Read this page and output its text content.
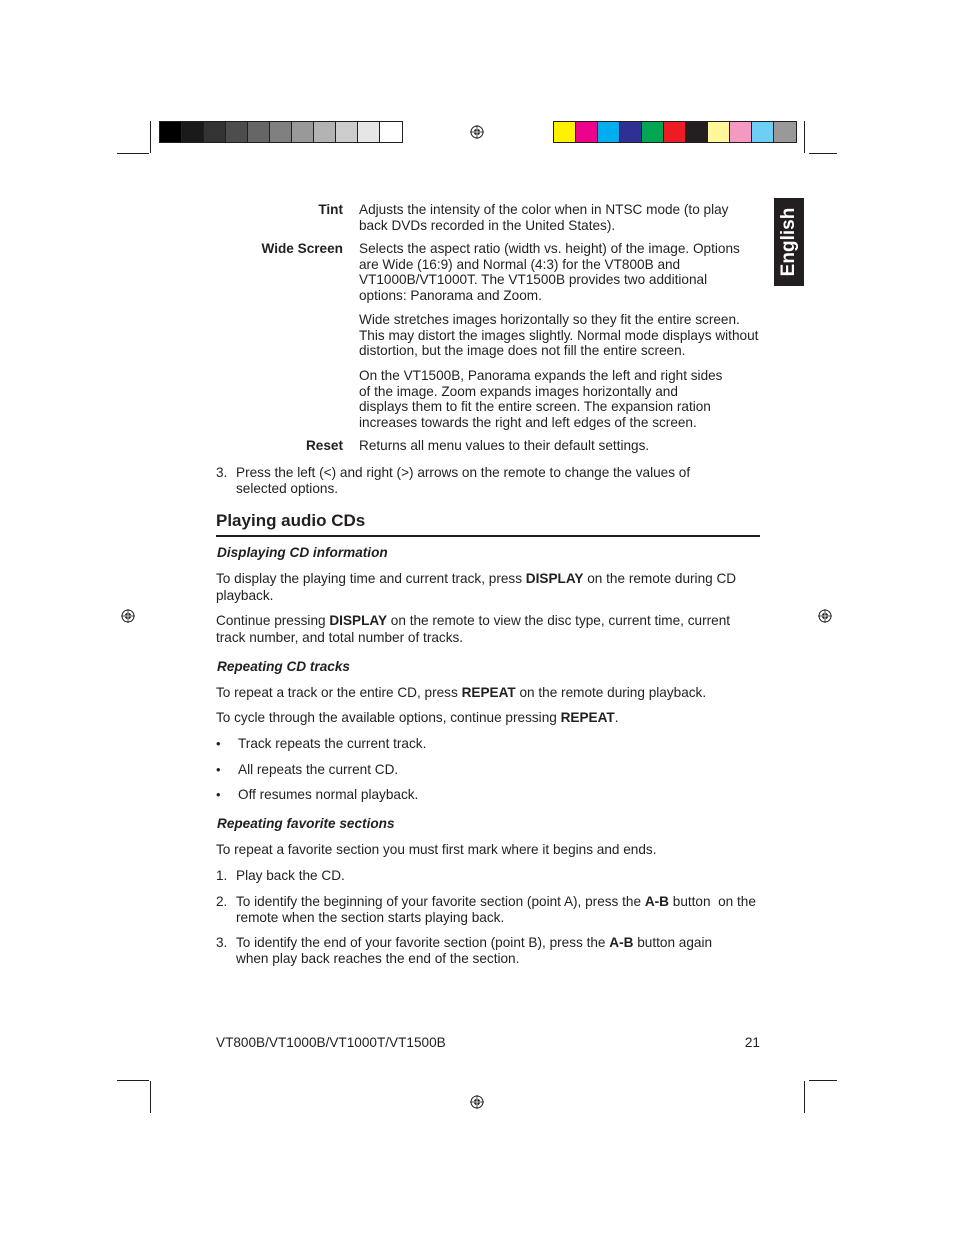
English
Tint Adjusts the intensity of the color when in NTSC mode (to play back DVDs recorded in the United States).
Wide Screen Selects the aspect ratio (width vs. height) of the image. Options are Wide (16:9) and Normal (4:3) for the VT800B and VT1000B/VT1000T. The VT1500B provides two additional options: Panorama and Zoom.
Wide stretches images horizontally so they fit the entire screen. This may distort the images slightly. Normal mode displays without distortion, but the image does not fill the entire screen.
On the VT1500B, Panorama expands the left and right sides of the image. Zoom expands images horizontally and displays them to fit the entire screen. The expansion ration increases towards the right and left edges of the screen.
Reset Returns all menu values to their default settings.
3. Press the left (<) and right (>) arrows on the remote to change the values of selected options.
Playing audio CDs
Displaying CD information
To display the playing time and current track, press DISPLAY on the remote during CD playback.
Continue pressing DISPLAY on the remote to view the disc type, current time, current track number, and total number of tracks.
Repeating CD tracks
To repeat a track or the entire CD, press REPEAT on the remote during playback.
To cycle through the available options, continue pressing REPEAT.
• Track repeats the current track.
• All repeats the current CD.
• Off resumes normal playback.
Repeating favorite sections
To repeat a favorite section you must first mark where it begins and ends.
1. Play back the CD.
2. To identify the beginning of your favorite section (point A), press the A-B button  on the remote when the section starts playing back.
3. To identify the end of your favorite section (point B), press the A-B button again when play back reaches the end of the section.
VT800B/VT1000B/VT1000T/VT1500B	21
